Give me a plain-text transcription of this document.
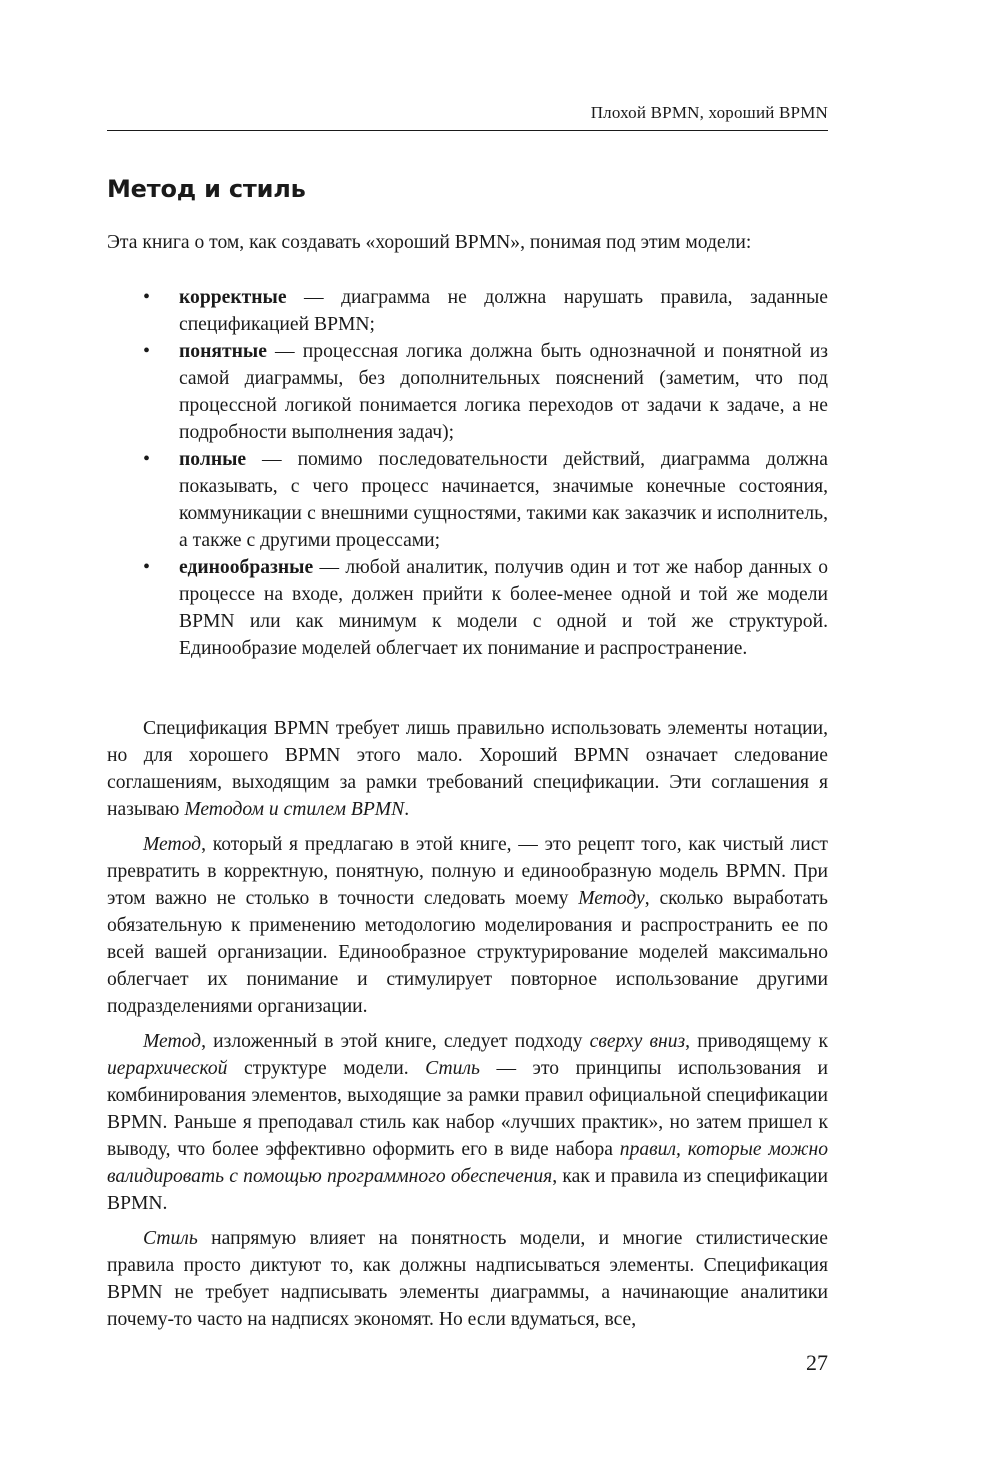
Плохой BPMN, хороший BPMN
Метод и стиль
Эта книга о том, как создавать «хороший BPMN», понимая под этим модели:
• корректные — диаграмма не должна нарушать правила, заданные спецификацией BPMN;
• понятные — процессная логика должна быть однозначной и понятной из самой диаграммы, без дополнительных пояснений (заметим, что под процессной логикой понимается логика переходов от задачи к задаче, а не подробности выполнения задач);
• полные — помимо последовательности действий, диаграмма должна показывать, с чего процесс начинается, значимые конечные состояния, коммуникации с внешними сущностями, такими как заказчик и исполнитель, а также с другими процессами;
• единообразные — любой аналитик, получив один и тот же набор данных о процессе на входе, должен прийти к более-менее одной и той же модели BPMN или как минимум к модели с одной и той же структурой. Единообразие моделей облегчает их понимание и распространение.

Спецификация BPMN требует лишь правильно использовать элементы нотации, но для хорошего BPMN этого мало. Хороший BPMN означает следование соглашениям, выходящим за рамки требований спецификации. Эти соглашения я называю Методом и стилем BPMN.

Метод, который я предлагаю в этой книге, — это рецепт того, как чистый лист превратить в корректную, понятную, полную и единообразную модель BPMN. При этом важно не столько в точности следовать моему Методу, сколько выработать обязательную к применению методологию моделирования и распространить ее по всей вашей организации. Единообразное структурирование моделей максимально облегчает их понимание и стимулирует повторное использование другими подразделениями организации.

Метод, изложенный в этой книге, следует подходу сверху вниз, приводящему к иерархической структуре модели. Стиль — это принципы использования и комбинирования элементов, выходящие за рамки правил официальной спецификации BPMN. Раньше я преподавал стиль как набор «лучших практик», но затем пришел к выводу, что более эффективно оформить его в виде набора правил, которые можно валидировать с помощью программного обеспечения, как и правила из спецификации BPMN.

Стиль напрямую влияет на понятность модели, и многие стилистические правила просто диктуют то, как должны надписываться элементы. Спецификация BPMN не требует надписывать элементы диаграммы, а начинающие аналитики почему-то часто на надписях экономят. Но если вдуматься, все,

27
